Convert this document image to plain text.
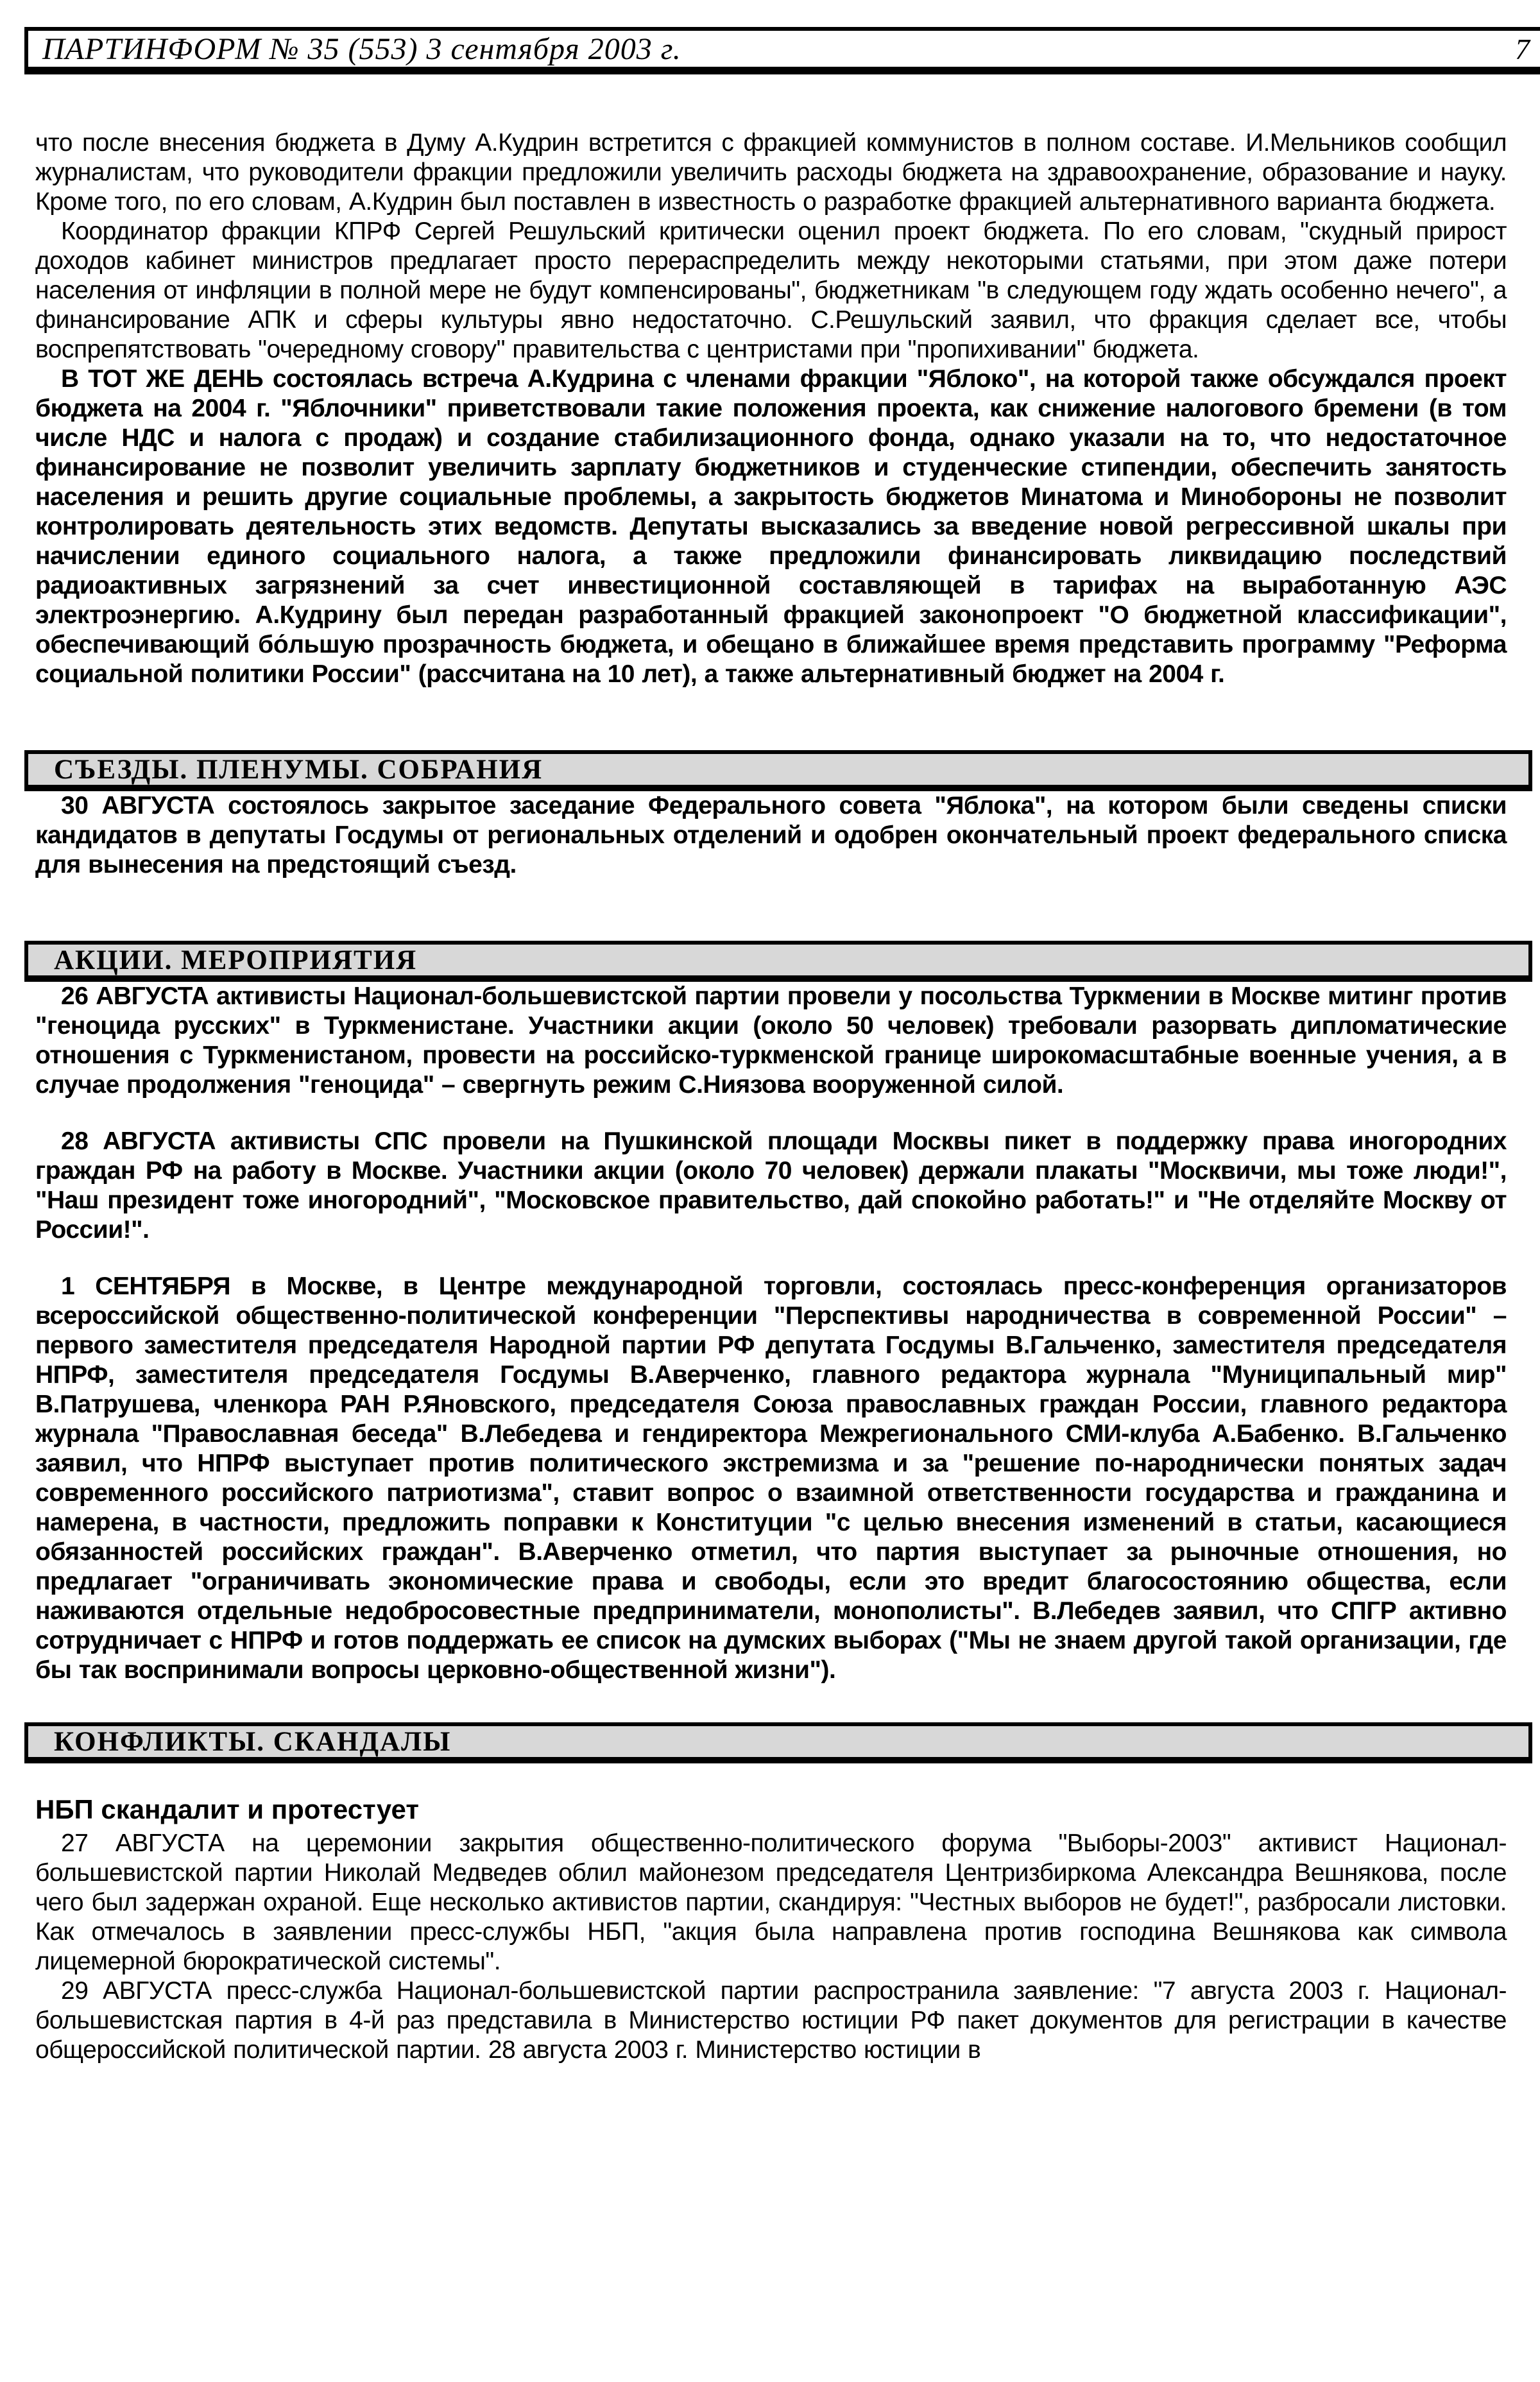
ПАРТИНФОРМ № 35 (553) 3 сентября 2003 г.	7

что после внесения бюджета в Думу А.Кудрин встретится с фракцией коммунистов в полном составе. И.Мельников сообщил журналистам, что руководители фракции предложили увеличить расходы бюджета на здравоохранение, образование и науку. Кроме того, по его словам, А.Кудрин был поставлен в известность о разработке фракцией альтернативного варианта бюджета.

Координатор фракции КПРФ Сергей Решульский критически оценил проект бюджета. По его словам, "скудный прирост доходов кабинет министров предлагает просто перераспределить между некоторыми статьями, при этом даже потери населения от инфляции в полной мере не будут компенсированы", бюджетникам "в следующем году ждать особенно нечего", а финансирование АПК и сферы культуры явно недостаточно. С.Решульский заявил, что фракция сделает все, чтобы воспрепятствовать "очередному сговору" правительства с центристами при "пропихивании" бюджета.

В ТОТ ЖЕ ДЕНЬ состоялась встреча А.Кудрина с членами фракции "Яблоко", на которой также обсуждался проект бюджета на 2004 г. "Яблочники" приветствовали такие положения проекта, как снижение налогового бремени (в том числе НДС и налога с продаж) и создание стабилизационного фонда, однако указали на то, что недостаточное финансирование не позволит увеличить зарплату бюджетников и студенческие стипендии, обеспечить занятость населения и решить другие социальные проблемы, а закрытость бюджетов Минатома и Минобороны не позволит контролировать деятельность этих ведомств. Депутаты высказались за введение новой регрессивной шкалы при начислении единого социального налога, а также предложили финансировать ликвидацию последствий радиоактивных загрязнений за счет инвестиционной составляющей в тарифах на выработанную АЭС электроэнергию. А.Кудрину был передан разработанный фракцией законопроект "О бюджетной классификации", обеспечивающий бо́льшую прозрачность бюджета, и обещано в ближайшее время представить программу "Реформа социальной политики России" (рассчитана на 10 лет), а также альтернативный бюджет на 2004 г.

СЪЕЗДЫ. ПЛЕНУМЫ. СОБРАНИЯ

30 АВГУСТА состоялось закрытое заседание Федерального совета "Яблока", на котором были сведены списки кандидатов в депутаты Госдумы от региональных отделений и одобрен окончательный проект федерального списка для вынесения на предстоящий съезд.

АКЦИИ. МЕРОПРИЯТИЯ

26 АВГУСТА активисты Национал-большевистской партии провели у посольства Туркмении в Москве митинг против "геноцида русских" в Туркменистане. Участники акции (около 50 человек) требовали разорвать дипломатические отношения с Туркменистаном, провести на российско-туркменской границе широкомасштабные военные учения, а в случае продолжения "геноцида" – свергнуть режим С.Ниязова вооруженной силой.

28 АВГУСТА активисты СПС провели на Пушкинской площади Москвы пикет в поддержку права иногородних граждан РФ на работу в Москве. Участники акции (около 70 человек) держали плакаты "Москвичи, мы тоже люди!", "Наш президент тоже иногородний", "Московское правительство, дай спокойно работать!" и "Не отделяйте Москву от России!".

1 СЕНТЯБРЯ в Москве, в Центре международной торговли, состоялась пресс-конференция организаторов всероссийской общественно-политической конференции "Перспективы народничества в современной России" – первого заместителя председателя Народной партии РФ депутата Госдумы В.Гальченко, заместителя председателя НПРФ, заместителя председателя Госдумы В.Аверченко, главного редактора журнала "Муниципальный мир" В.Патрушева, членкора РАН Р.Яновского, председателя Союза православных граждан России, главного редактора журнала "Православная беседа" В.Лебедева и гендиректора Межрегионального СМИ-клуба А.Бабенко. В.Гальченко заявил, что НПРФ выступает против политического экстремизма и за "решение по-народнически понятых задач современного российского патриотизма", ставит вопрос о взаимной ответственности государства и гражданина и намерена, в частности, предложить поправки к Конституции "с целью внесения изменений в статьи, касающиеся обязанностей российских граждан". В.Аверченко отметил, что партия выступает за рыночные отношения, но предлагает "ограничивать экономические права и свободы, если это вредит благосостоянию общества, если наживаются отдельные недобросовестные предприниматели, монополисты". В.Лебедев заявил, что СПГР активно сотрудничает с НПРФ и готов поддержать ее список на думских выборах ("Мы не знаем другой такой организации, где бы так воспринимали вопросы церковно-общественной жизни").

КОНФЛИКТЫ. СКАНДАЛЫ
НБП скандалит и протестует

27 АВГУСТА на церемонии закрытия общественно-политического форума "Выборы-2003" активист Национал-большевистской партии Николай Медведев облил майонезом председателя Центризбиркома Александра Вешнякова, после чего был задержан охраной. Еще несколько активистов партии, скандируя: "Честных выборов не будет!", разбросали листовки. Как отмечалось в заявлении пресс-службы НБП, "акция была направлена против господина Вешнякова как символа лицемерной бюрократической системы".

29 АВГУСТА пресс-служба Национал-большевистской партии распространила заявление: "7 августа 2003 г. Национал-большевистская партия в 4-й раз представила в Министерство юстиции РФ пакет документов для регистрации в качестве общероссийской политической партии. 28 августа 2003 г. Министерство юстиции в
